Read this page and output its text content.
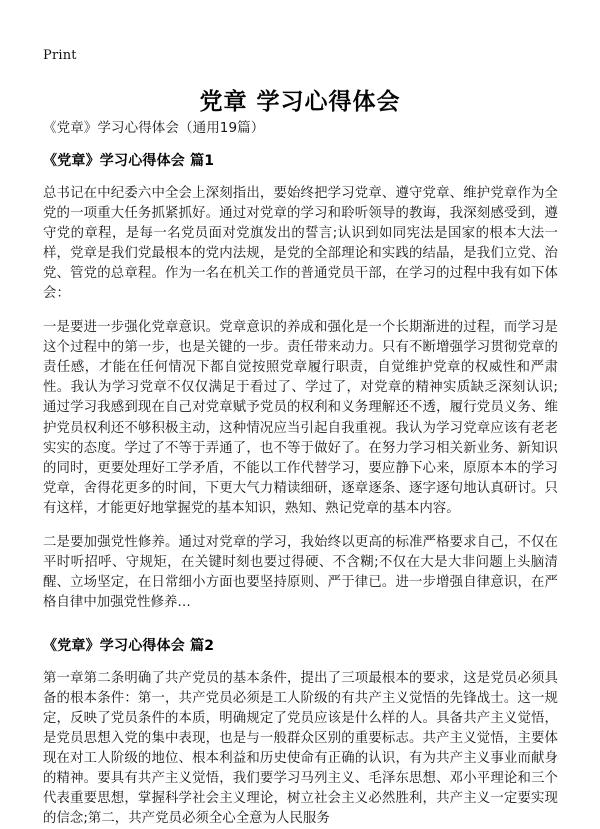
Print
党章 学习心得体会

《党章》学习心得体会（通用19篇）

《党章》学习心得体会 篇1

总书记在中纪委六中全会上深刻指出，要始终把学习党章、遵守党章、维护党章作为全党的一项重大任务抓紧抓好。通过对党章的学习和聆听领导的教诲，我深刻感受到，遵守党的章程，是每一名党员面对党旗发出的誓言;认识到如同宪法是国家的根本大法一样，党章是我们党最根本的党内法规，是党的全部理论和实践的结晶，是我们立党、治党、管党的总章程。作为一名在机关工作的普通党员干部，在学习的过程中我有如下体会：

一是要进一步强化党章意识。党章意识的养成和强化是一个长期渐进的过程，而学习是这个过程中的第一步，也是关键的一步。责任带来动力。只有不断增强学习贯彻党章的责任感，才能在任何情况下都自觉按照党章履行职责，自觉维护党章的权威性和严肃性。我认为学习党章不仅仅满足于看过了、学过了，对党章的精神实质缺乏深刻认识;通过学习我感到现在自己对党章赋予党员的权利和义务理解还不透，履行党员义务、维护党员权利还不够积极主动，这种情况应当引起自我重视。我认为学习党章应该有老老实实的态度。学过了不等于弄通了，也不等于做好了。在努力学习相关新业务、新知识的同时，更要处理好工学矛盾，不能以工作代替学习，要应静下心来，原原本本的学习党章，舍得花更多的时间，下更大气力精读细研，逐章逐条、逐字逐句地认真研讨。只有这样，才能更好地掌握党的基本知识，熟知、熟记党章的基本内容。

二是要加强党性修养。通过对党章的学习，我始终以更高的标准严格要求自己，不仅在平时听招呼、守规矩，在关键时刻也要过得硬、不含糊;不仅在大是大非问题上头脑清醒、立场坚定，在日常细小方面也要坚持原则、严于律已。进一步增强自律意识，在严格自律中加强党性修养…

《党章》学习心得体会 篇2

第一章第二条明确了共产党员的基本条件，提出了三项最根本的要求，这是党员必须具备的根本条件：第一，共产党员必须是工人阶级的有共产主义觉悟的先锋战士。这一规定，反映了党员条件的本质，明确规定了党员应该是什么样的人。具备共产主义觉悟，是党员思想入党的集中表现，也是与一般群众区别的重要标志。共产主义觉悟，主要体现在对工人阶级的地位、根本利益和历史使命有正确的认识，有为共产主义事业而献身的精神。要具有共产主义觉悟，我们要学习马列主义、毛泽东思想、邓小平理论和三个代表重要思想，掌握科学社会主义理论，树立社会主义必然胜利，共产主义一定要实现的信念;第二，共产党员必须全心全意为人民服务
